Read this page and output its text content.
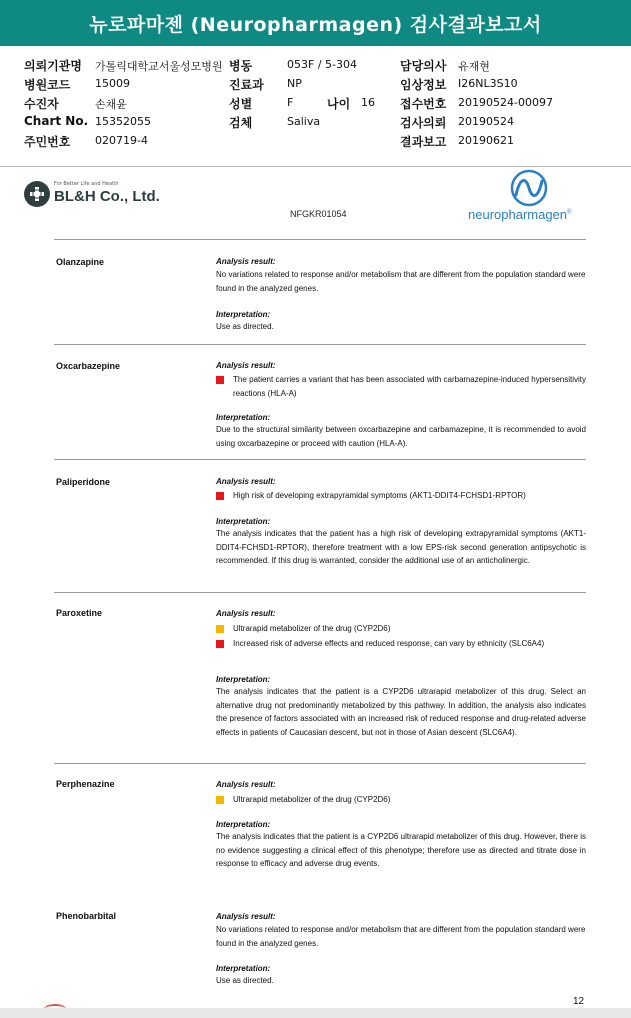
뉴로파마젠 (Neuropharmagen) 검사결과보고서
의뢰기관명 가톨릭대학교서울성모병원 병동	053F / 5-304	담당의사 유재현
병원코드 15009	진료과 NP	임상정보 I26NL3S10
수진자	손채윤	성별	F	나이 16 접수번호 20190524-00097
Chart No. 15352055	검체	Saliva	검사의뢰 20190524
주민번호 020719-4	결과보고 20190621
For Better Life and Health
BL&H Co., Ltd.
neuropharmagen®
NFGKR01054
Olanzapine	Analysis result:
No variations related to response and/or metabolism that are different from the population standard were found in the analyzed genes.
Interpretation:
Use as directed.
Oxcarbazepine	Analysis result:
The patient carries a variant that has been associated with carbamazepine-induced hypersensitivity reactions (HLA-A)
Interpretation:
Due to the structural similarity between oxcarbazepine and carbamazepine, it is recommended to avoid using oxcarbazepine or proceed with caution (HLA-A).
Paliperidone	Analysis result:
High risk of developing extrapyramidal symptoms (AKT1-DDIT4-FCHSD1-RPTOR)
Interpretation:
The analysis indicates that the patient has a high risk of developing extrapyramidal symptoms (AKT1-DDIT4-FCHSD1-RPTOR), therefore treatment with a low EPS-risk second generation antipsychotic is recommended. If this drug is warranted, consider the additional use of an anticholinergic.
Paroxetine	Analysis result:
Ultrarapid metabolizer of the drug (CYP2D6)
Increased risk of adverse effects and reduced response, can vary by ethnicity (SLC6A4)
Interpretation:
The analysis indicates that the patient is a CYP2D6 ultrarapid metabolizer of this drug. Select an alternative drug not predominantly metabolized by this pathway. In addition, the analysis also indicates the presence of factors associated with an increased risk of reduced response and drug-related adverse effects in patients of Caucasian descent, but not in those of Asian descent (SLC6A4).
Perphenazine	Analysis result:
Ultrarapid metabolizer of the drug (CYP2D6)
Interpretation:
The analysis indicates that the patient is a CYP2D6 ultrarapid metabolizer of this drug. However, there is no evidence suggesting a clinical effect of this phenotype; therefore use as directed and titrate dose in response to efficacy and adverse drug events.
Phenobarbital	Analysis result:
No variations related to response and/or metabolism that are different from the population standard were found in the analyzed genes.
Interpretation:
Use as directed.
12
